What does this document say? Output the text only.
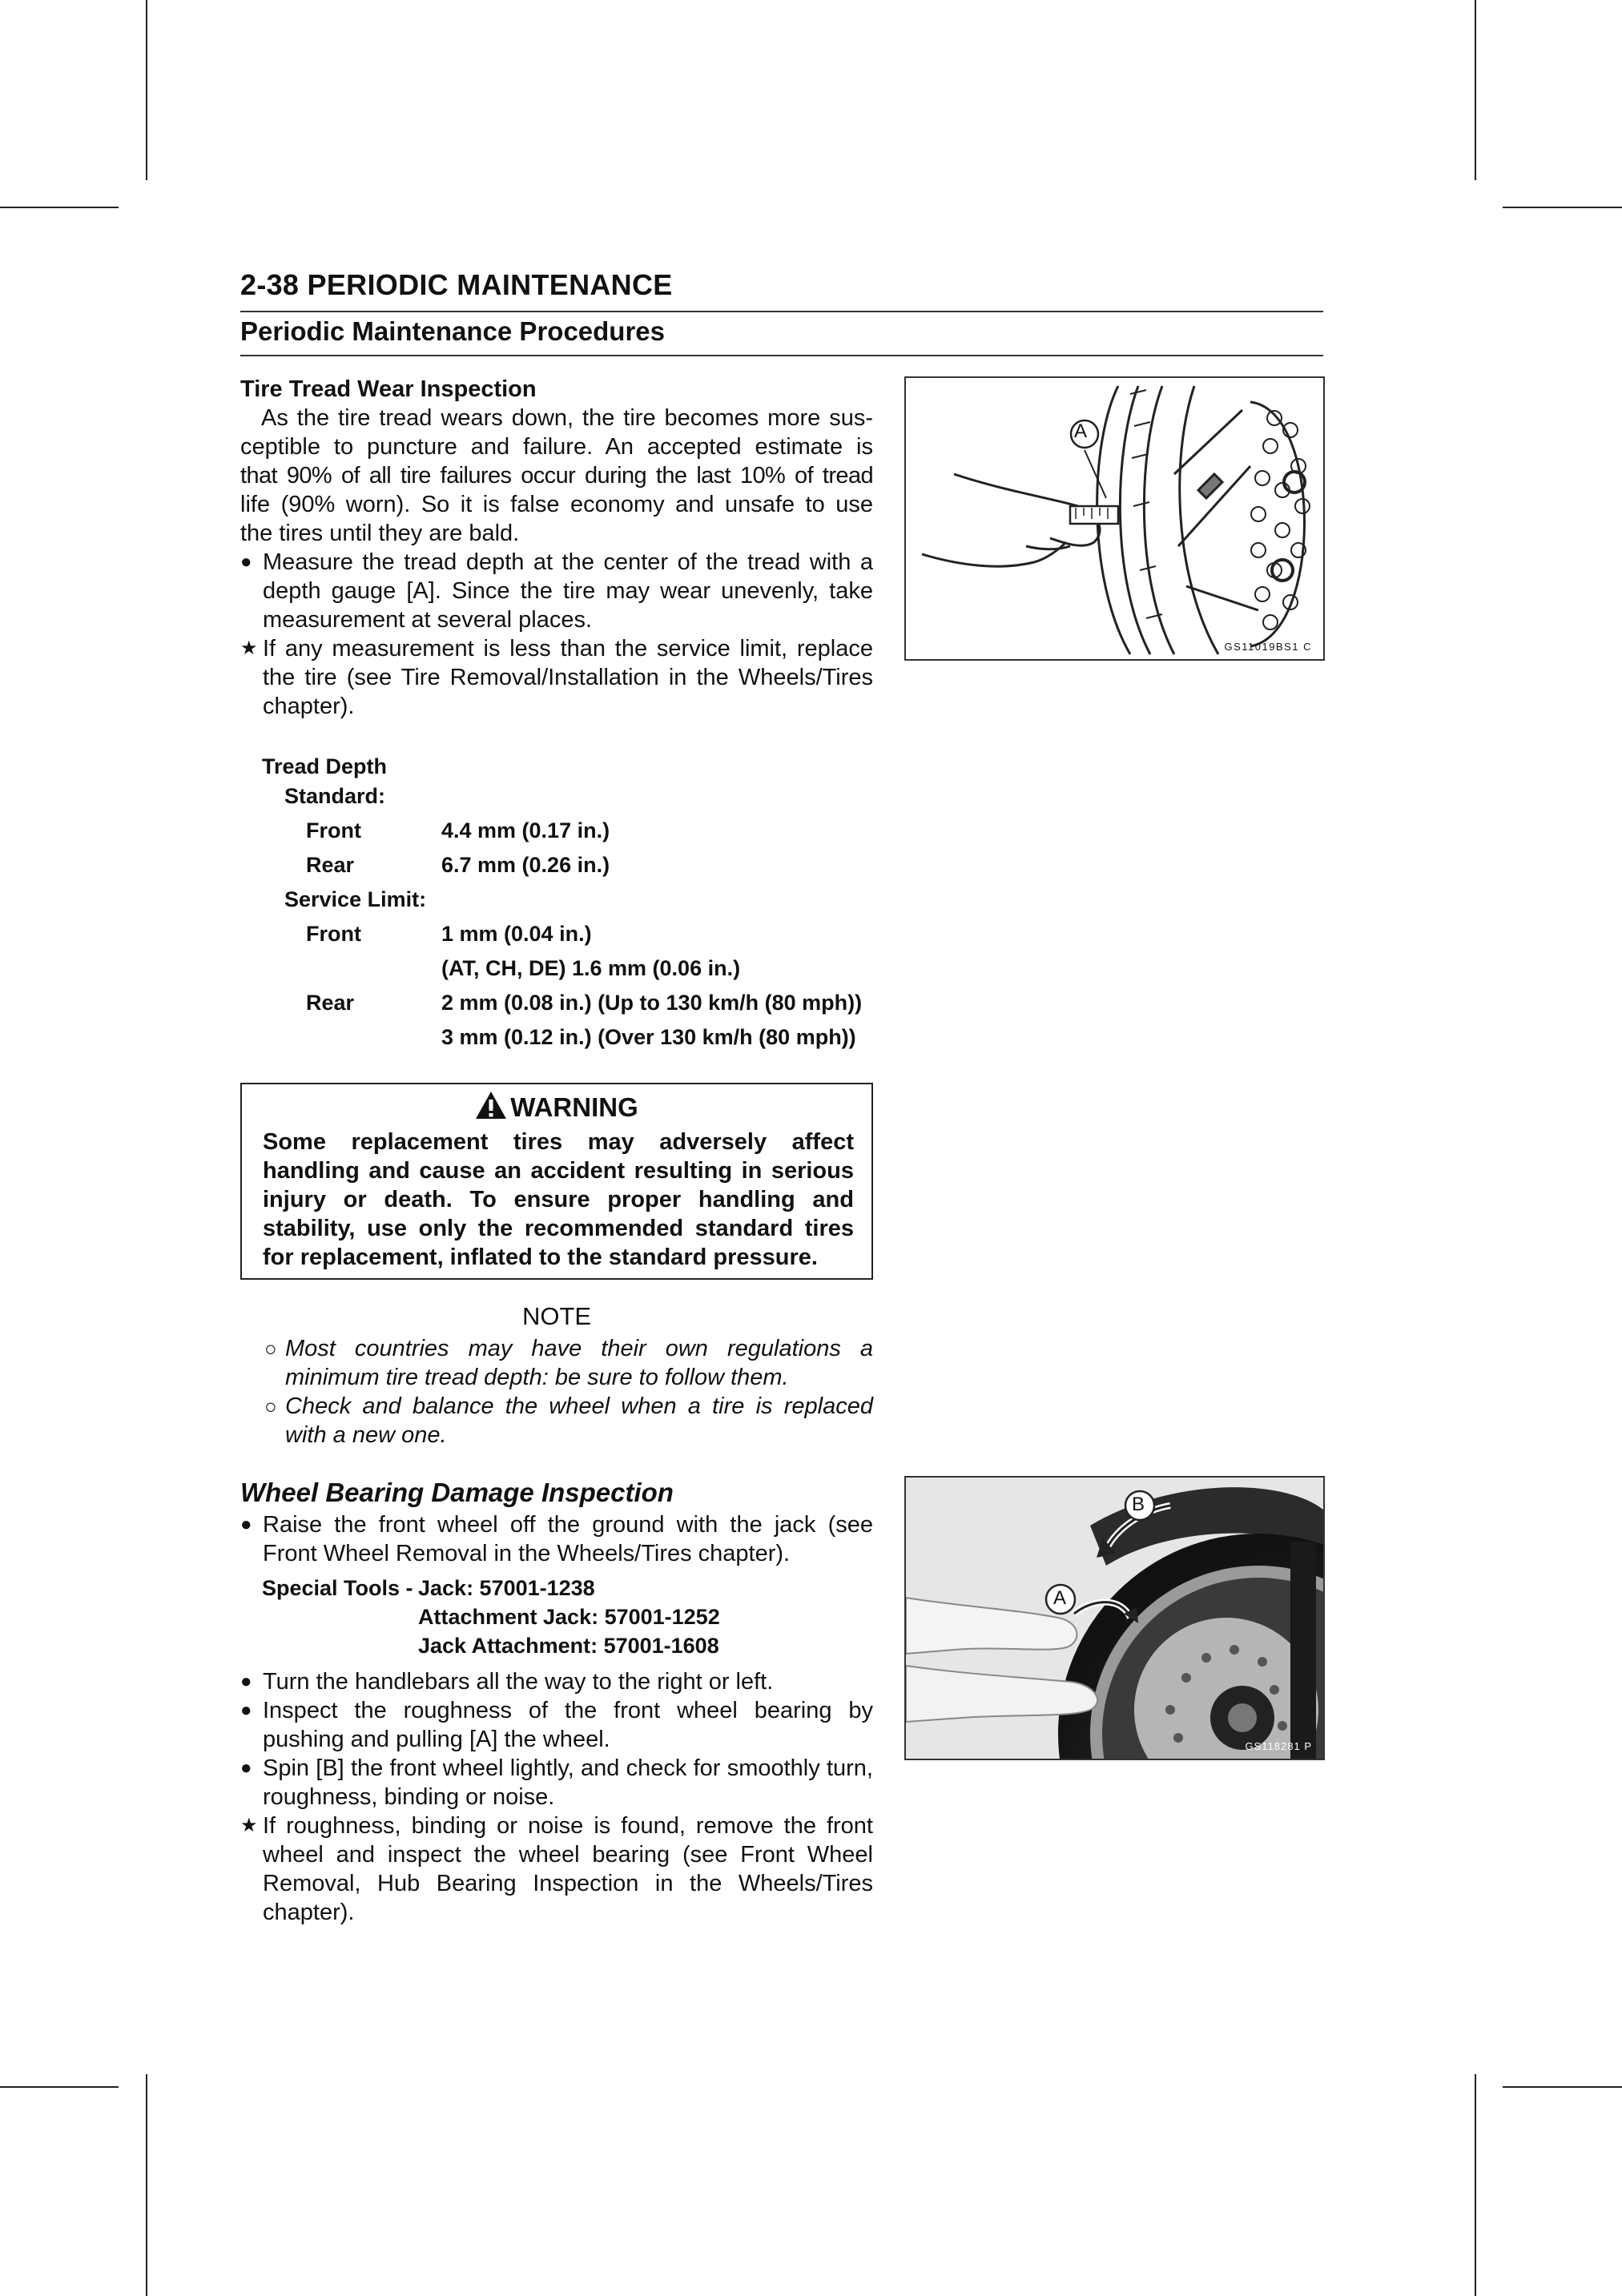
2-38 PERIODIC MAINTENANCE
Periodic Maintenance Procedures
Tire Tread Wear Inspection
As the tire tread wears down, the tire becomes more sus-
ceptible to puncture and failure. An accepted estimate is
that 90% of all tire failures occur during the last 10% of tread
life (90% worn). So it is false economy and unsafe to use
the tires until they are bald.
● Measure the tread depth at the center of the tread with a depth gauge [A]. Since the tire may wear unevenly, take measurement at several places.
★ If any measurement is less than the service limit, replace the tire (see Tire Removal/Installation in the Wheels/Tires chapter).
Tread Depth
Standard:
Front	4.4 mm (0.17 in.)
Rear	6.7 mm (0.26 in.)
Service Limit:
Front	1 mm (0.04 in.)
(AT, CH, DE) 1.6 mm (0.06 in.)
Rear	2 mm (0.08 in.) (Up to 130 km/h (80 mph))
3 mm (0.12 in.) (Over 130 km/h (80 mph))
WARNING
Some replacement tires may adversely affect handling and cause an accident resulting in serious injury or death. To ensure proper handling and stability, use only the recommended standard tires for replacement, inflated to the standard pressure.
NOTE
○ Most countries may have their own regulations a minimum tire tread depth: be sure to follow them.
○ Check and balance the wheel when a tire is replaced with a new one.
Wheel Bearing Damage Inspection
● Raise the front wheel off the ground with the jack (see Front Wheel Removal in the Wheels/Tires chapter).
Special Tools - Jack: 57001-1238
Attachment Jack: 57001-1252
Jack Attachment: 57001-1608
● Turn the handlebars all the way to the right or left.
● Inspect the roughness of the front wheel bearing by pushing and pulling [A] the wheel.
● Spin [B] the front wheel lightly, and check for smoothly turn, roughness, binding or noise.
★ If roughness, binding or noise is found, remove the front wheel and inspect the wheel bearing (see Front Wheel Removal, Hub Bearing Inspection in the Wheels/Tires chapter).
A
GS11019BS1 C
B
A
GS118281 P
